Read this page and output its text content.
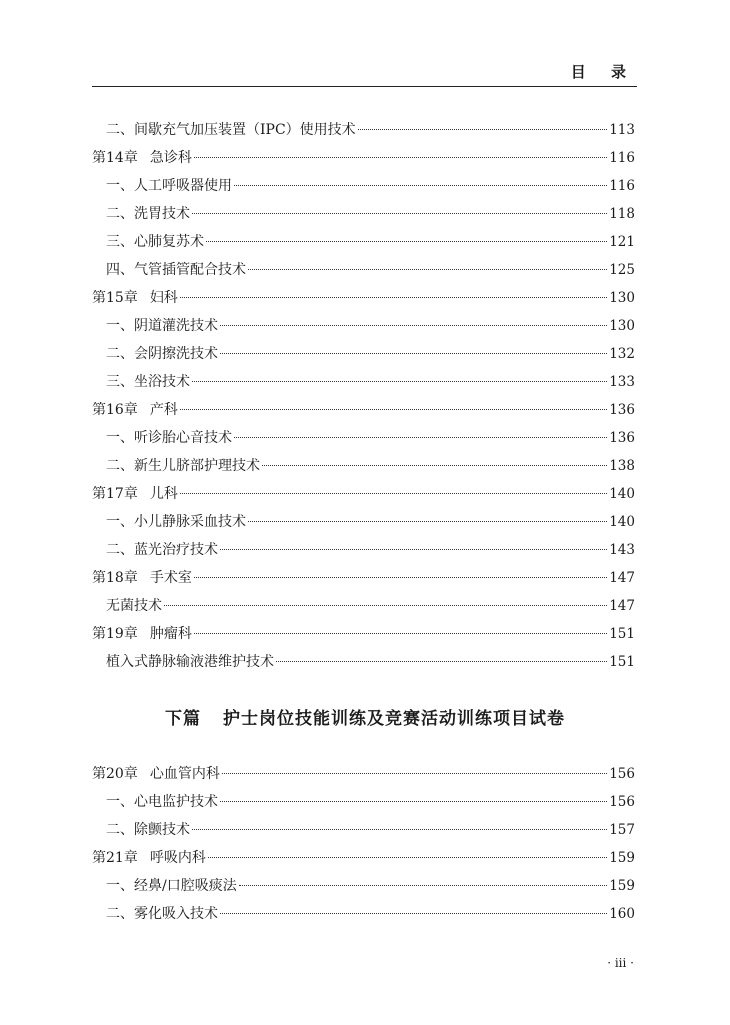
目 录
二、间歇充气加压装置（IPC）使用技术	113
第14章 急诊科	116
一、人工呼吸器使用	116
二、洗胃技术	118
三、心肺复苏术	121
四、气管插管配合技术	125
第15章 妇科	130
一、阴道灌洗技术	130
二、会阴擦洗技术	132
三、坐浴技术	133
第16章 产科	136
一、听诊胎心音技术	136
二、新生儿脐部护理技术	138
第17章 儿科	140
一、小儿静脉采血技术	140
二、蓝光治疗技术	143
第18章 手术室	147
无菌技术	147
第19章 肿瘤科	151
植入式静脉输液港维护技术	151
下篇 护士岗位技能训练及竞赛活动训练项目试卷
第20章 心血管内科	156
一、心电监护技术	156
二、除颤技术	157
第21章 呼吸内科	159
一、经鼻/口腔吸痰法	159
二、雾化吸入技术	160
· iii ·
